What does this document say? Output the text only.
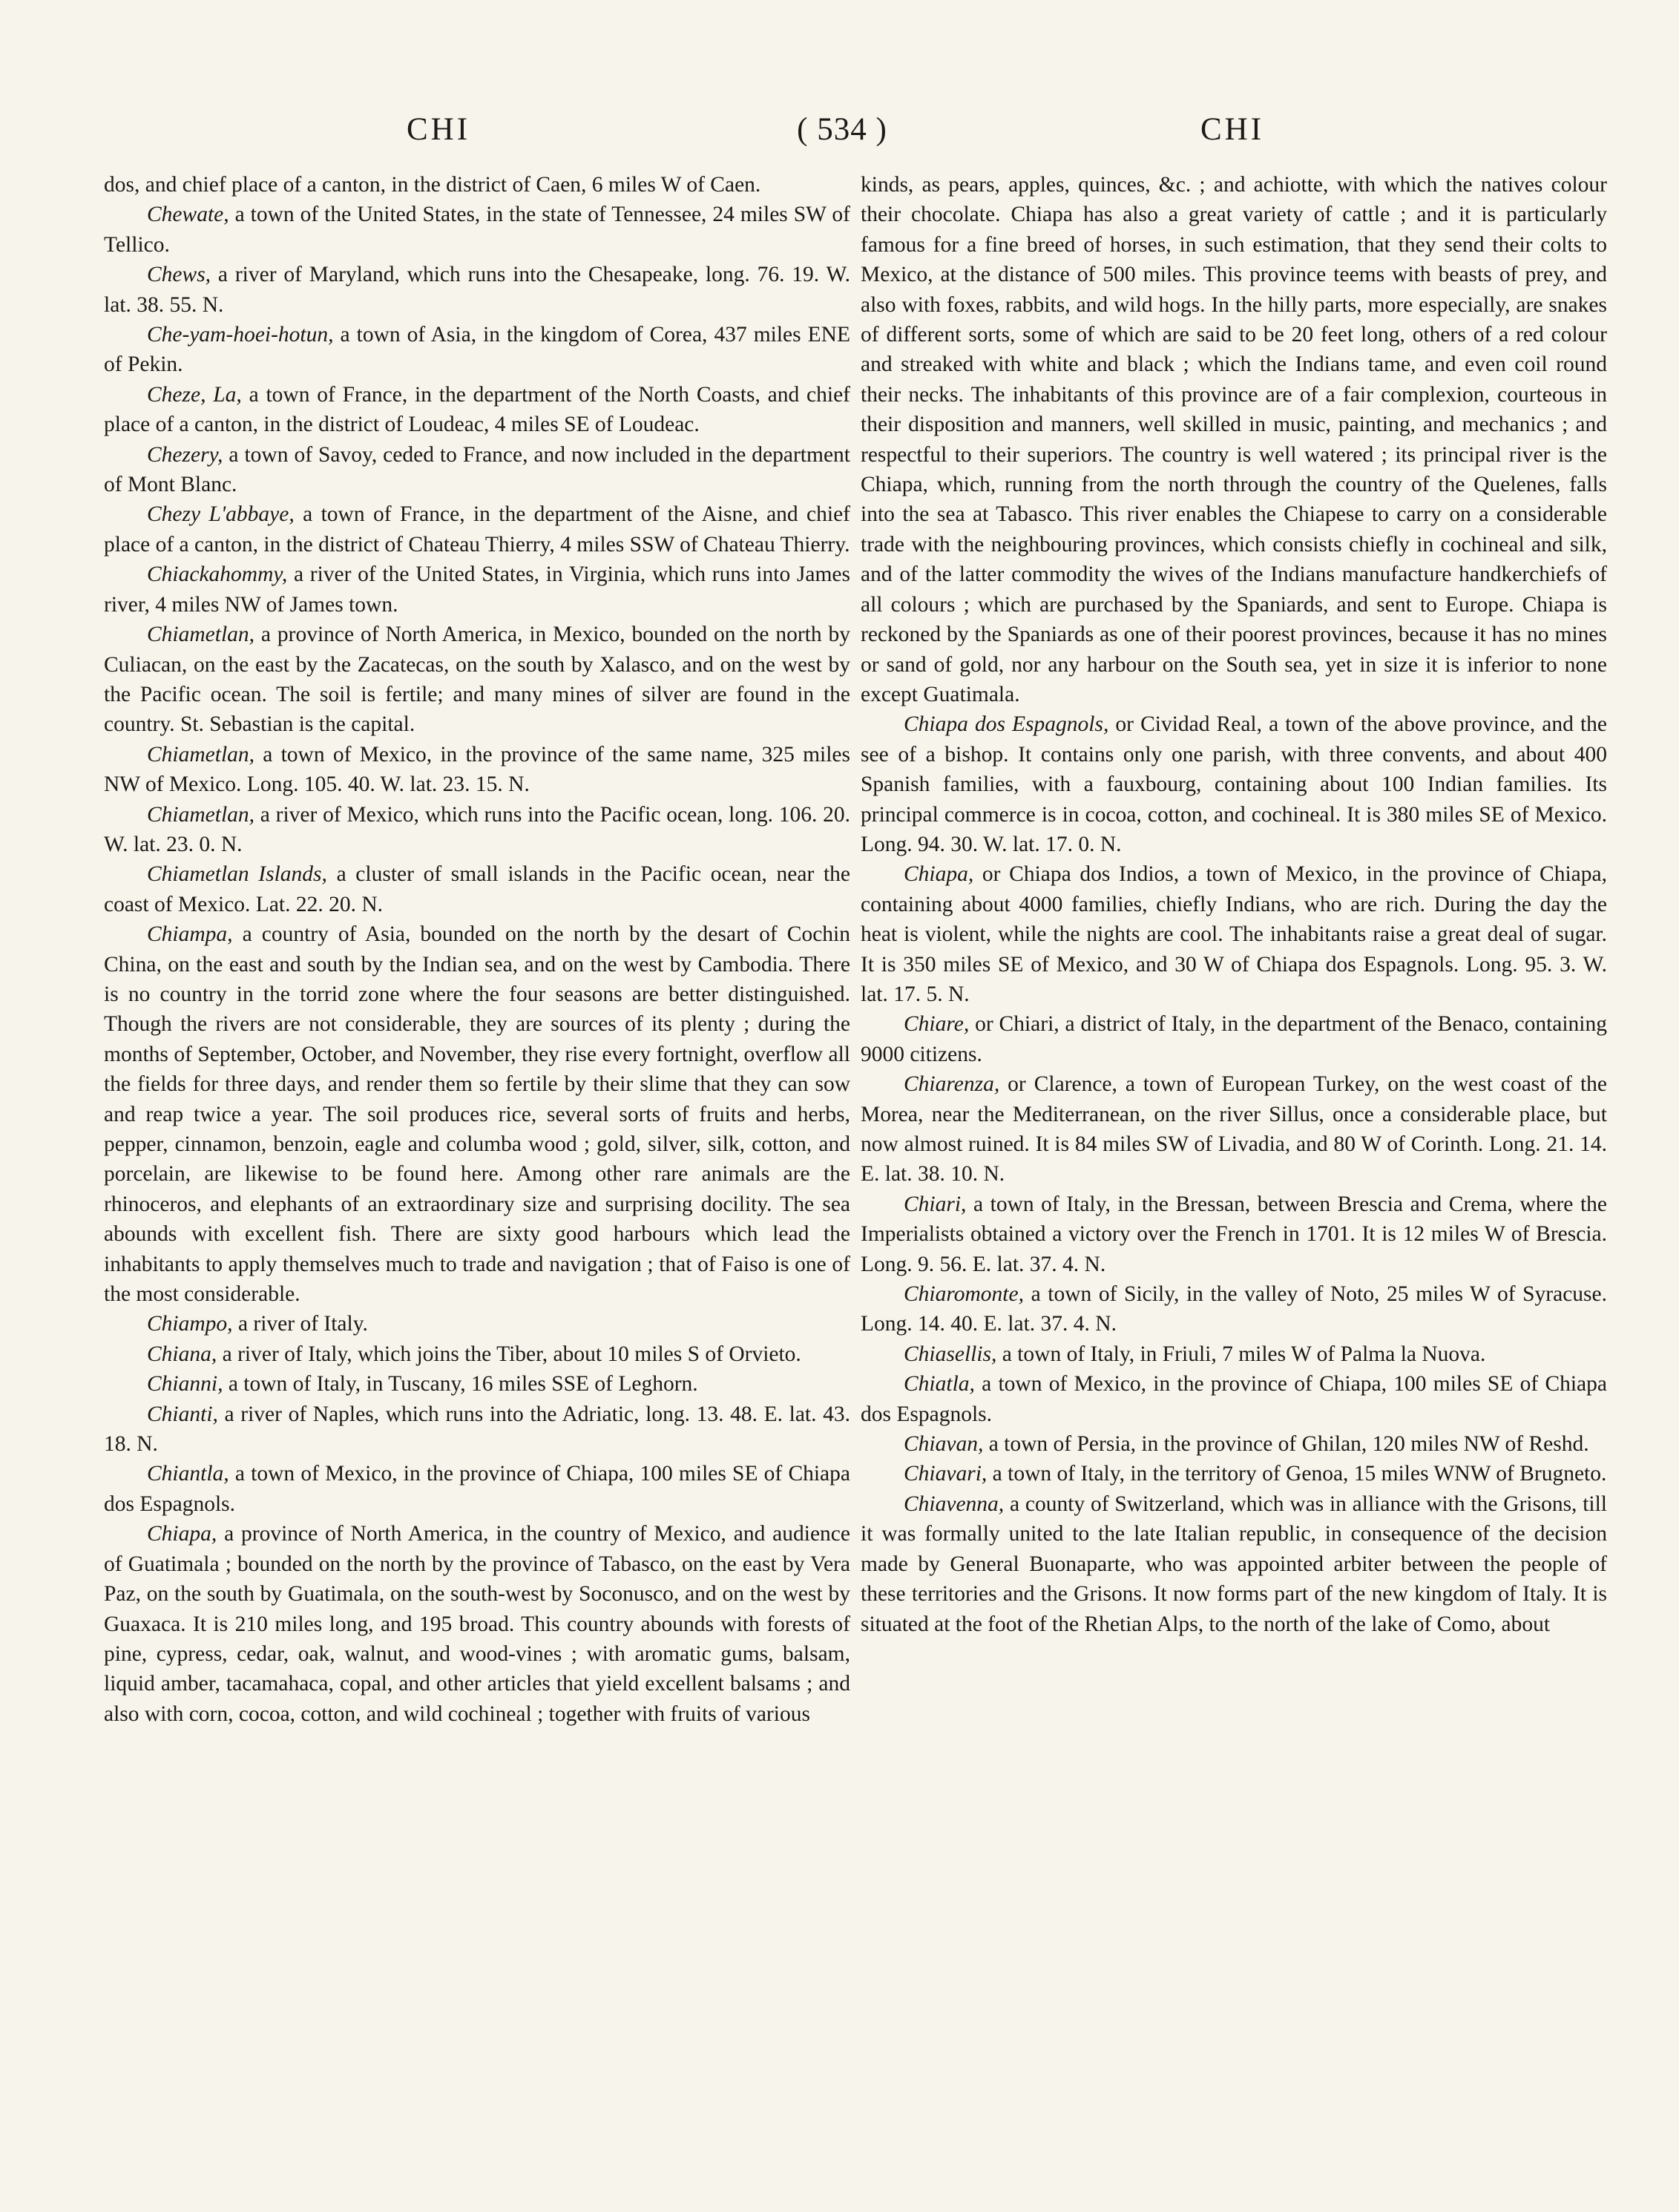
CHI	( 534 )	CHI

dos, and chief place of a canton, in the district of Caen, 6 miles W of Caen.

Chewate, a town of the United States, in the state of Tennessee, 24 miles SW of Tellico.

Chews, a river of Maryland, which runs into the Chesapeake, long. 76. 19. W. lat. 38. 55. N.

Che-yam-hoei-hotun, a town of Asia, in the kingdom of Corea, 437 miles ENE of Pekin.

Cheze, La, a town of France, in the department of the North Coasts, and chief place of a canton, in the district of Loudeac, 4 miles SE of Loudeac.

Chezery, a town of Savoy, ceded to France, and now included in the department of Mont Blanc.

Chezy L'abbaye, a town of France, in the department of the Aisne, and chief place of a canton, in the district of Chateau Thierry, 4 miles SSW of Chateau Thierry.

Chiackahommy, a river of the United States, in Virginia, which runs into James river, 4 miles NW of James town.

Chiametlan, a province of North America, in Mexico, bounded on the north by Culiacan, on the east by the Zacatecas, on the south by Xalasco, and on the west by the Pacific ocean. The soil is fertile; and many mines of silver are found in the country. St. Sebastian is the capital.

Chiametlan, a town of Mexico, in the province of the same name, 325 miles NW of Mexico. Long. 105. 40. W. lat. 23. 15. N.

Chiametlan, a river of Mexico, which runs into the Pacific ocean, long. 106. 20. W. lat. 23. 0. N.

Chiametlan Islands, a cluster of small islands in the Pacific ocean, near the coast of Mexico. Lat. 22. 20. N.

Chiampa, a country of Asia, bounded on the north by the desart of Cochin China, on the east and south by the Indian sea, and on the west by Cambodia. There is no country in the torrid zone where the four seasons are better distinguished. Though the rivers are not considerable, they are sources of its plenty ; during the months of September, October, and November, they rise every fortnight, overflow all the fields for three days, and render them so fertile by their slime that they can sow and reap twice a year. The soil produces rice, several sorts of fruits and herbs, pepper, cinnamon, benzoin, eagle and columba wood ; gold, silver, silk, cotton, and porcelain, are likewise to be found here. Among other rare animals are the rhinoceros, and elephants of an extraordinary size and surprising docility. The sea abounds with excellent fish. There are sixty good harbours which lead the inhabitants to apply themselves much to trade and navigation ; that of Faiso is one of the most considerable.

Chiampo, a river of Italy.

Chiana, a river of Italy, which joins the Tiber, about 10 miles S of Orvieto.

Chianni, a town of Italy, in Tuscany, 16 miles SSE of Leghorn.

Chianti, a river of Naples, which runs into the Adriatic, long. 13. 48. E. lat. 43. 18. N.

Chiantla, a town of Mexico, in the province of Chiapa, 100 miles SE of Chiapa dos Espagnols.

Chiapa, a province of North America, in the country of Mexico, and audience of Guatimala ; bounded on the north by the province of Tabasco, on the east by Vera Paz, on the south by Guatimala, on the south-west by Soconusco, and on the west by Guaxaca. It is 210 miles long, and 195 broad. This country abounds with forests of pine, cypress, cedar, oak, walnut, and wood-vines ; with aromatic gums, balsam, liquid amber, tacamahaca, copal, and other articles that yield excellent balsams ; and also with corn, cocoa, cotton, and wild cochineal ; together with fruits of various

kinds, as pears, apples, quinces, &c. ; and achiotte, with which the natives colour their chocolate. Chiapa has also a great variety of cattle ; and it is particularly famous for a fine breed of horses, in such estimation, that they send their colts to Mexico, at the distance of 500 miles. This province teems with beasts of prey, and also with foxes, rabbits, and wild hogs. In the hilly parts, more especially, are snakes of different sorts, some of which are said to be 20 feet long, others of a red colour and streaked with white and black ; which the Indians tame, and even coil round their necks. The inhabitants of this province are of a fair complexion, courteous in their disposition and manners, well skilled in music, painting, and mechanics ; and respectful to their superiors. The country is well watered ; its principal river is the Chiapa, which, running from the north through the country of the Quelenes, falls into the sea at Tabasco. This river enables the Chiapese to carry on a considerable trade with the neighbouring provinces, which consists chiefly in cochineal and silk, and of the latter commodity the wives of the Indians manufacture handkerchiefs of all colours ; which are purchased by the Spaniards, and sent to Europe. Chiapa is reckoned by the Spaniards as one of their poorest provinces, because it has no mines or sand of gold, nor any harbour on the South sea, yet in size it is inferior to none except Guatimala.

Chiapa dos Espagnols, or Cividad Real, a town of the above province, and the see of a bishop. It contains only one parish, with three convents, and about 400 Spanish families, with a fauxbourg, containing about 100 Indian families. Its principal commerce is in cocoa, cotton, and cochineal. It is 380 miles SE of Mexico. Long. 94. 30. W. lat. 17. 0. N.

Chiapa, or Chiapa dos Indios, a town of Mexico, in the province of Chiapa, containing about 4000 families, chiefly Indians, who are rich. During the day the heat is violent, while the nights are cool. The inhabitants raise a great deal of sugar. It is 350 miles SE of Mexico, and 30 W of Chiapa dos Espagnols. Long. 95. 3. W. lat. 17. 5. N.

Chiare, or Chiari, a district of Italy, in the department of the Benaco, containing 9000 citizens.

Chiarenza, or Clarence, a town of European Turkey, on the west coast of the Morea, near the Mediterranean, on the river Sillus, once a considerable place, but now almost ruined. It is 84 miles SW of Livadia, and 80 W of Corinth. Long. 21. 14. E. lat. 38. 10. N.

Chiari, a town of Italy, in the Bressan, between Brescia and Crema, where the Imperialists obtained a victory over the French in 1701. It is 12 miles W of Brescia. Long. 9. 56. E. lat. 37. 4. N.

Chiaromonte, a town of Sicily, in the valley of Noto, 25 miles W of Syracuse. Long. 14. 40. E. lat. 37. 4. N.

Chiasellis, a town of Italy, in Friuli, 7 miles W of Palma la Nuova.

Chiatla, a town of Mexico, in the province of Chiapa, 100 miles SE of Chiapa dos Espagnols.

Chiavan, a town of Persia, in the province of Ghilan, 120 miles NW of Reshd.

Chiavari, a town of Italy, in the territory of Genoa, 15 miles WNW of Brugneto.

Chiavenna, a county of Switzerland, which was in alliance with the Grisons, till it was formally united to the late Italian republic, in consequence of the decision made by General Buonaparte, who was appointed arbiter between the people of these territories and the Grisons. It now forms part of the new kingdom of Italy. It is situated at the foot of the Rhetian Alps, to the north of the lake of Como, about
